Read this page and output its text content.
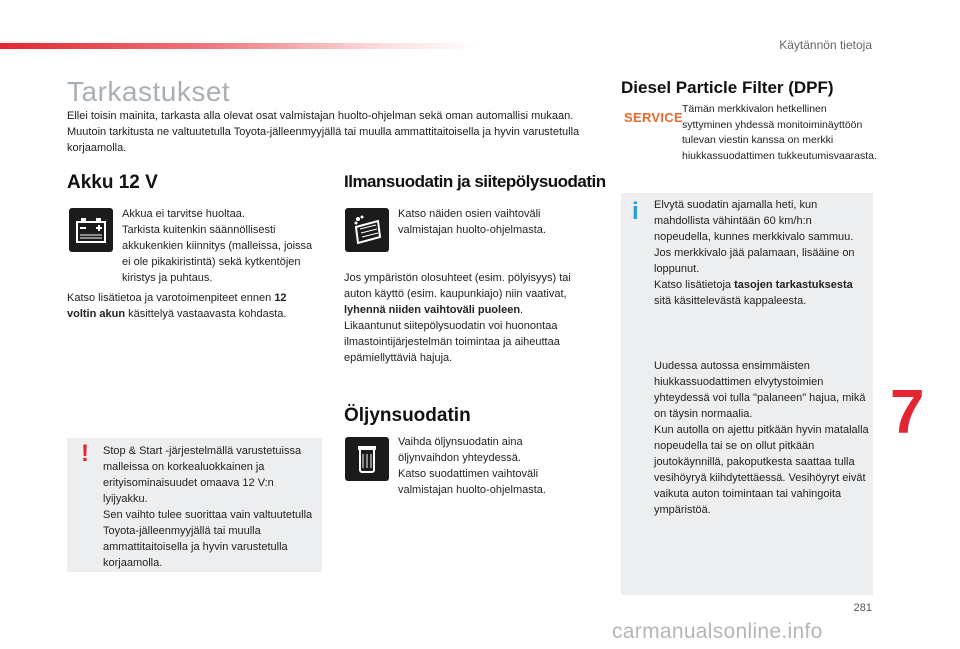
Käytännön tietoja
Tarkastukset
Ellei toisin mainita, tarkasta alla olevat osat valmistajan huolto-ohjelman sekä oman automallisi mukaan.
Muutoin tarkitusta ne valtuutetulla Toyota-jälleenmyyjällä tai muulla ammattitaitoisella ja hyvin varustetulla korjaamolla.
Akku 12 V
Akkua ei tarvitse huoltaa.
Tarkista kuitenkin säännöllisesti akkukenkien kiinnitys (malleissa, joissa ei ole pikakiristintä) sekä kytkentöjen kiristys ja puhtaus.
Katso lisätietoa ja varotoimenpiteet ennen 12 voltin akun käsittelyä vastaavasta kohdasta.
! Stop & Start -järjestelmällä varustetuissa malleissa on korkealuokkainen ja erityisominaisuudet omaava 12 V:n lyijyakku.
Sen vaihto tulee suorittaa vain valtuutetulla Toyota-jälleenmyyjällä tai muulla ammattitaitoisella ja hyvin varustetulla korjaamolla.
Ilmansuodatin ja siitepölysuodatin
Katso näiden osien vaihtoväli valmistajan huolto-ohjelmasta.
Jos ympäristön olosuhteet (esim. pölyisyys) tai auton käyttö (esim. kaupunkiajo) niin vaativat, lyhennä niiden vaihtoväli puoleen.
Likaantunut siitepölysuodatin voi huonontaa ilmastointijärjestelmän toimintaa ja aiheuttaa epämiellyttäviä hajuja.
Öljynsuodatin
Vaihda öljynsuodatin aina öljynvaihdon yhteydessä.
Katso suodattimen vaihtoväli valmistajan huolto-ohjelmasta.
Diesel Particle Filter (DPF)
SERVICE
Tämän merkkivalon hetkellinen syttyminen yhdessä monitoiminäyttöön tulevan viestin kanssa on merkki hiukkassuodattimen tukkeutumisvaarasta.
i Elvytä suodatin ajamalla heti, kun mahdollista vähintään 60 km/h:n nopeudella, kunnes merkkivalo sammuu.
Jos merkkivalo jää palamaan, lisääine on loppunut.
Katso lisätietoja tasojen tarkastuksesta sitä käsittelevästä kappaleesta.
Uudessa autossa ensimmäisten hiukkassuodattimen elvytystoimien yhteydessä voi tulla "palaneen" hajua, mikä on täysin normaalia.
Kun autolla on ajettu pitkään hyvin matalalla nopeudella tai se on ollut pitkään joutokäynnillä, pakoputkesta saattaa tulla vesihöyryä kiihdytettäessä. Vesihöyryt eivät vaikuta auton toimintaan tai vahingoita ympäristöä.
7
281
carmanualsonline.info
